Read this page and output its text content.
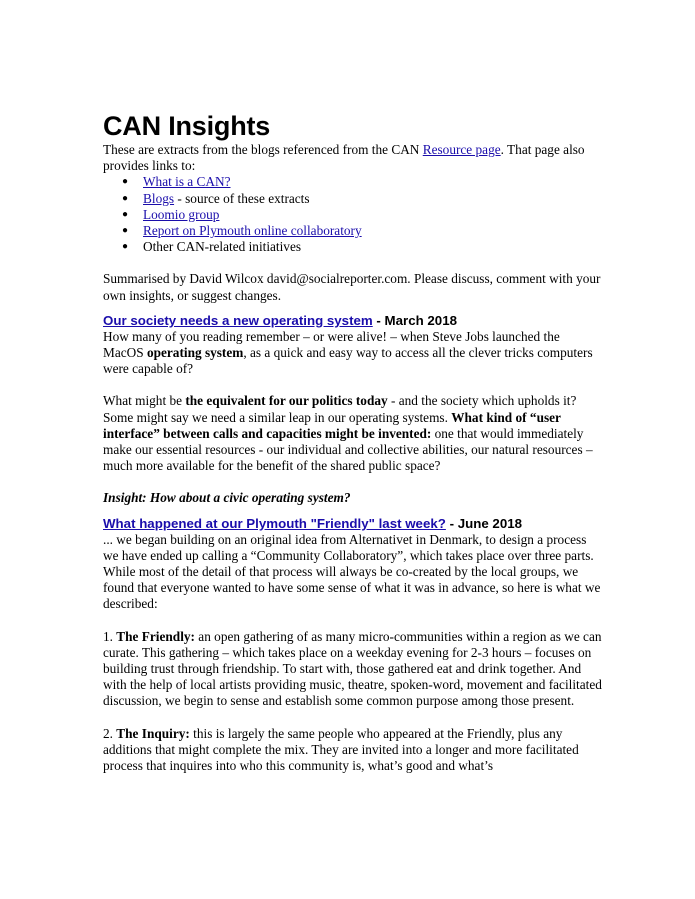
CAN Insights

These are extracts from the blogs referenced from the CAN Resource page. That page also provides links to:

● What is a CAN?
● Blogs - source of these extracts
● Loomio group
● Report on Plymouth online collaboratory
● Other CAN-related initiatives

Summarised by David Wilcox david@socialreporter.com. Please discuss, comment with your own insights, or suggest changes.

Our society needs a new operating system - March 2018

How many of you reading remember – or were alive! – when Steve Jobs launched the MacOS operating system, as a quick and easy way to access all the clever tricks computers were capable of?

What might be the equivalent for our politics today - and the society which upholds it? Some might say we need a similar leap in our operating systems. What kind of “user interface” between calls and capacities might be invented: one that would immediately make our essential resources - our individual and collective abilities, our natural resources – much more available for the benefit of the shared public space?

Insight: How about a civic operating system?

What happened at our Plymouth "Friendly" last week? - June 2018

... we began building on an original idea from Alternativet in Denmark, to design a process we have ended up calling a “Community Collaboratory”, which takes place over three parts. While most of the detail of that process will always be co-created by the local groups, we found that everyone wanted to have some sense of what it was in advance, so here is what we described:

1. The Friendly: an open gathering of as many micro-communities within a region as we can curate. This gathering – which takes place on a weekday evening for 2-3 hours – focuses on building trust through friendship. To start with, those gathered eat and drink together. And with the help of local artists providing music, theatre, spoken-word, movement and facilitated discussion, we begin to sense and establish some common purpose among those present.

2. The Inquiry: this is largely the same people who appeared at the Friendly, plus any additions that might complete the mix. They are invited into a longer and more facilitated process that inquires into who this community is, what’s good and what’s
